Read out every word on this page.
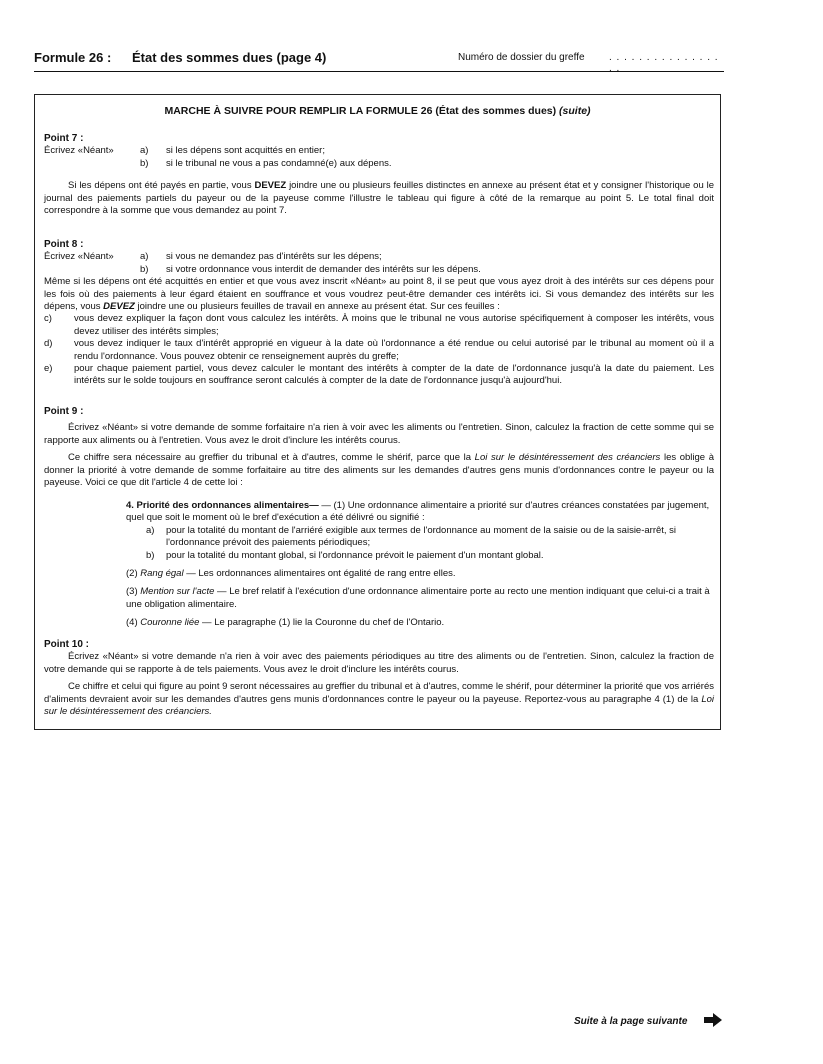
Formule 26 : État des sommes dues (page 4)	Numéro de dossier du greffe . . . . . . . . . . . . . . . . .
MARCHE À SUIVRE POUR REMPLIR LA FORMULE 26 (État des sommes dues) (suite)
Point 7 :
Écrivez «Néant»	a) si les dépens sont acquittés en entier;
b) si le tribunal ne vous a pas condamné(e) aux dépens.
Si les dépens ont été payés en partie, vous DEVEZ joindre une ou plusieurs feuilles distinctes en annexe au présent état et y consigner l'historique ou le journal des paiements partiels du payeur ou de la payeuse comme l'illustre le tableau qui figure à côté de la remarque au point 5. Le total final doit correspondre à la somme que vous demandez au point 7.
Point 8 :
Écrivez «Néant»	a) si vous ne demandez pas d'intérêts sur les dépens;
b) si votre ordonnance vous interdit de demander des intérêts sur les dépens.
Même si les dépens ont été acquittés en entier et que vous avez inscrit «Néant» au point 8, il se peut que vous ayez droit à des intérêts sur ces dépens pour les fois où des paiements à leur égard étaient en souffrance et vous voudrez peut-être demander ces intérêts ici. Si vous demandez des intérêts sur les dépens, vous DEVEZ joindre une ou plusieurs feuilles de travail en annexe au présent état. Sur ces feuilles :
c) vous devez expliquer la façon dont vous calculez les intérêts. À moins que le tribunal ne vous autorise spécifiquement à composer les intérêts, vous devez utiliser des intérêts simples;
d) vous devez indiquer le taux d'intérêt approprié en vigueur à la date où l'ordonnance a été rendue ou celui autorisé par le tribunal au moment où il a rendu l'ordonnance. Vous pouvez obtenir ce renseignement auprès du greffe;
e) pour chaque paiement partiel, vous devez calculer le montant des intérêts à compter de la date de l'ordonnance jusqu'à la date du paiement. Les intérêts sur le solde toujours en souffrance seront calculés à compter de la date de l'ordonnance jusqu'à aujourd'hui.
Point 9 :
Écrivez «Néant» si votre demande de somme forfaitaire n'a rien à voir avec les aliments ou l'entretien. Sinon, calculez la fraction de cette somme qui se rapporte aux aliments ou à l'entretien. Vous avez le droit d'inclure les intérêts courus.
Ce chiffre sera nécessaire au greffier du tribunal et à d'autres, comme le shérif, parce que la Loi sur le désintéressement des créanciers les oblige à donner la priorité à votre demande de somme forfaitaire au titre des aliments sur les demandes d'autres gens munis d'ordonnances contre le payeur ou la payeuse. Voici ce que dit l'article 4 de cette loi :
4. Priorité des ordonnances alimentaires— — (1) Une ordonnance alimentaire a priorité sur d'autres créances constatées par jugement, quel que soit le moment où le bref d'exécution a été délivré ou signifié :
a) pour la totalité du montant de l'arriéré exigible aux termes de l'ordonnance au moment de la saisie ou de la saisie-arrêt, si l'ordonnance prévoit des paiements périodiques;
b) pour la totalité du montant global, si l'ordonnance prévoit le paiement d'un montant global.
(2) Rang égal — Les ordonnances alimentaires ont égalité de rang entre elles.
(3) Mention sur l'acte — Le bref relatif à l'exécution d'une ordonnance alimentaire porte au recto une mention indiquant que celui-ci a trait à une obligation alimentaire.
(4) Couronne liée — Le paragraphe (1) lie la Couronne du chef de l'Ontario.
Point 10 :
Écrivez «Néant» si votre demande n'a rien à voir avec des paiements périodiques au titre des aliments ou de l'entretien. Sinon, calculez la fraction de votre demande qui se rapporte à de tels paiements. Vous avez le droit d'inclure les intérêts courus.
Ce chiffre et celui qui figure au point 9 seront nécessaires au greffier du tribunal et à d'autres, comme le shérif, pour déterminer la priorité que vos arriérés d'aliments devraient avoir sur les demandes d'autres gens munis d'ordonnances contre le payeur ou la payeuse. Reportez-vous au paragraphe 4 (1) de la Loi sur le désintéressement des créanciers.
Suite à la page suivante
